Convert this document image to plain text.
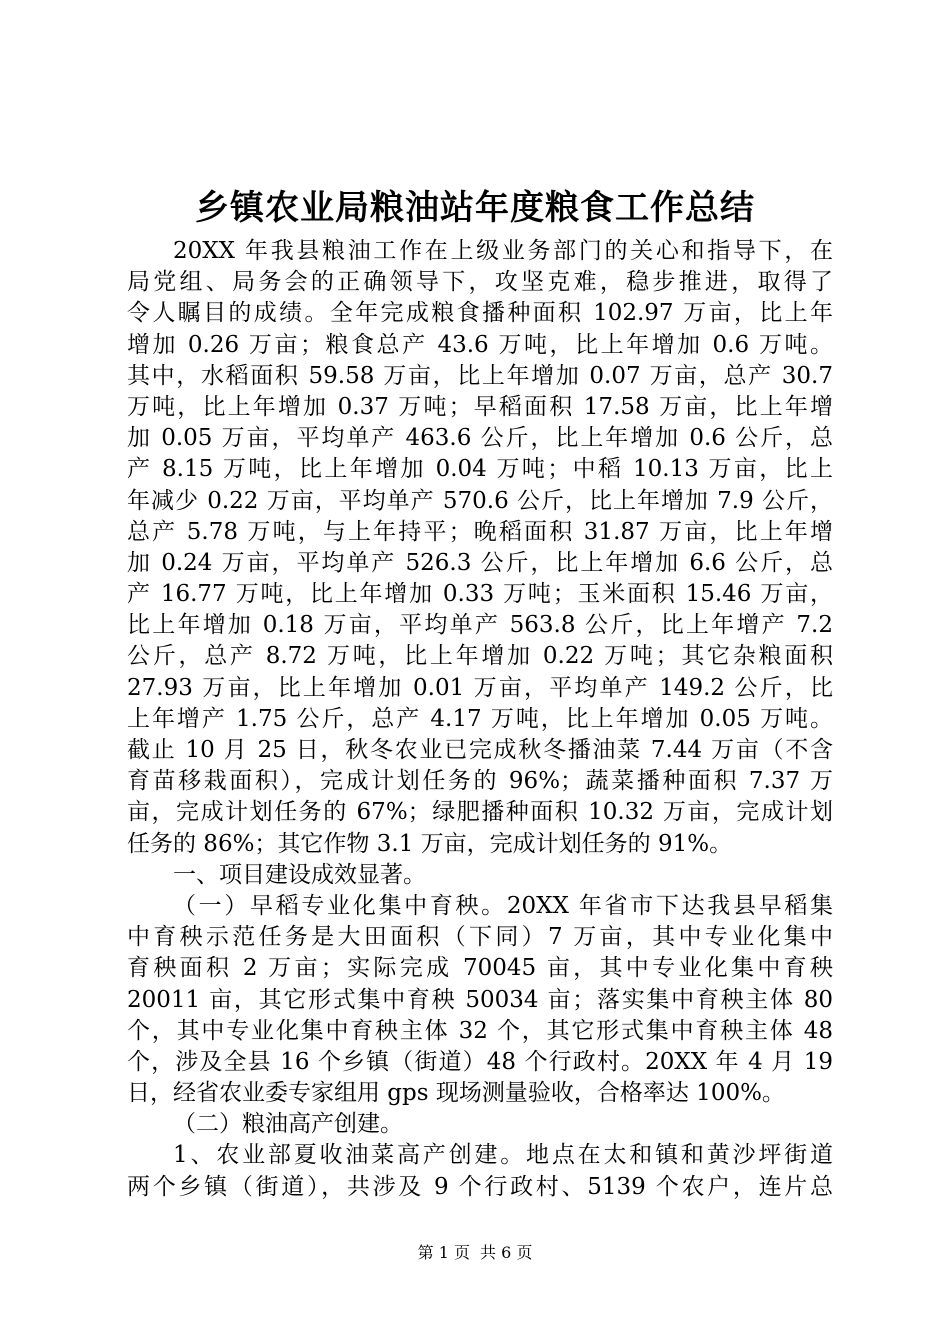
乡镇农业局粮油站年度粮食工作总结
20XX 年我县粮油工作在上级业务部门的关心和指导下，在
局党组、局务会的正确领导下，攻坚克难，稳步推进，取得了
令人瞩目的成绩。全年完成粮食播种面积 102.97 万亩，比上年
增加 0.26 万亩；粮食总产 43.6 万吨，比上年增加 0.6 万吨。
其中，水稻面积 59.58 万亩，比上年增加 0.07 万亩，总产 30.7
万吨，比上年增加 0.37 万吨；早稻面积 17.58 万亩，比上年增
加 0.05 万亩，平均单产 463.6 公斤，比上年增加 0.6 公斤，总
产 8.15 万吨，比上年增加 0.04 万吨；中稻 10.13 万亩，比上
年减少 0.22 万亩，平均单产 570.6 公斤，比上年增加 7.9 公斤，
总产 5.78 万吨，与上年持平；晚稻面积 31.87 万亩，比上年增
加 0.24 万亩，平均单产 526.3 公斤，比上年增加 6.6 公斤，总
产 16.77 万吨，比上年增加 0.33 万吨；玉米面积 15.46 万亩，
比上年增加 0.18 万亩，平均单产 563.8 公斤，比上年增产 7.2
公斤，总产 8.72 万吨，比上年增加 0.22 万吨；其它杂粮面积
27.93 万亩，比上年增加 0.01 万亩，平均单产 149.2 公斤，比
上年增产 1.75 公斤，总产 4.17 万吨，比上年增加 0.05 万吨。
截止 10 月 25 日，秋冬农业已完成秋冬播油菜 7.44 万亩（不含
育苗移栽面积），完成计划任务的 96%；蔬菜播种面积 7.37 万
亩，完成计划任务的 67%；绿肥播种面积 10.32 万亩，完成计划
任务的 86%；其它作物 3.1 万亩，完成计划任务的 91%。
一、项目建设成效显著。
（一）早稻专业化集中育秧。20XX 年省市下达我县早稻集
中育秧示范任务是大田面积（下同）7 万亩，其中专业化集中
育秧面积 2 万亩；实际完成 70045 亩，其中专业化集中育秧
20011 亩，其它形式集中育秧 50034 亩；落实集中育秧主体 80
个，其中专业化集中育秧主体 32 个，其它形式集中育秧主体 48
个，涉及全县 16 个乡镇（街道）48 个行政村。20XX 年 4 月 19
日，经省农业委专家组用 gps 现场测量验收，合格率达 100%。
（二）粮油高产创建。
1、农业部夏收油菜高产创建。地点在太和镇和黄沙坪街道
两个乡镇（街道），共涉及 9 个行政村、5139 个农户，连片总
第 1 页 共 6 页
